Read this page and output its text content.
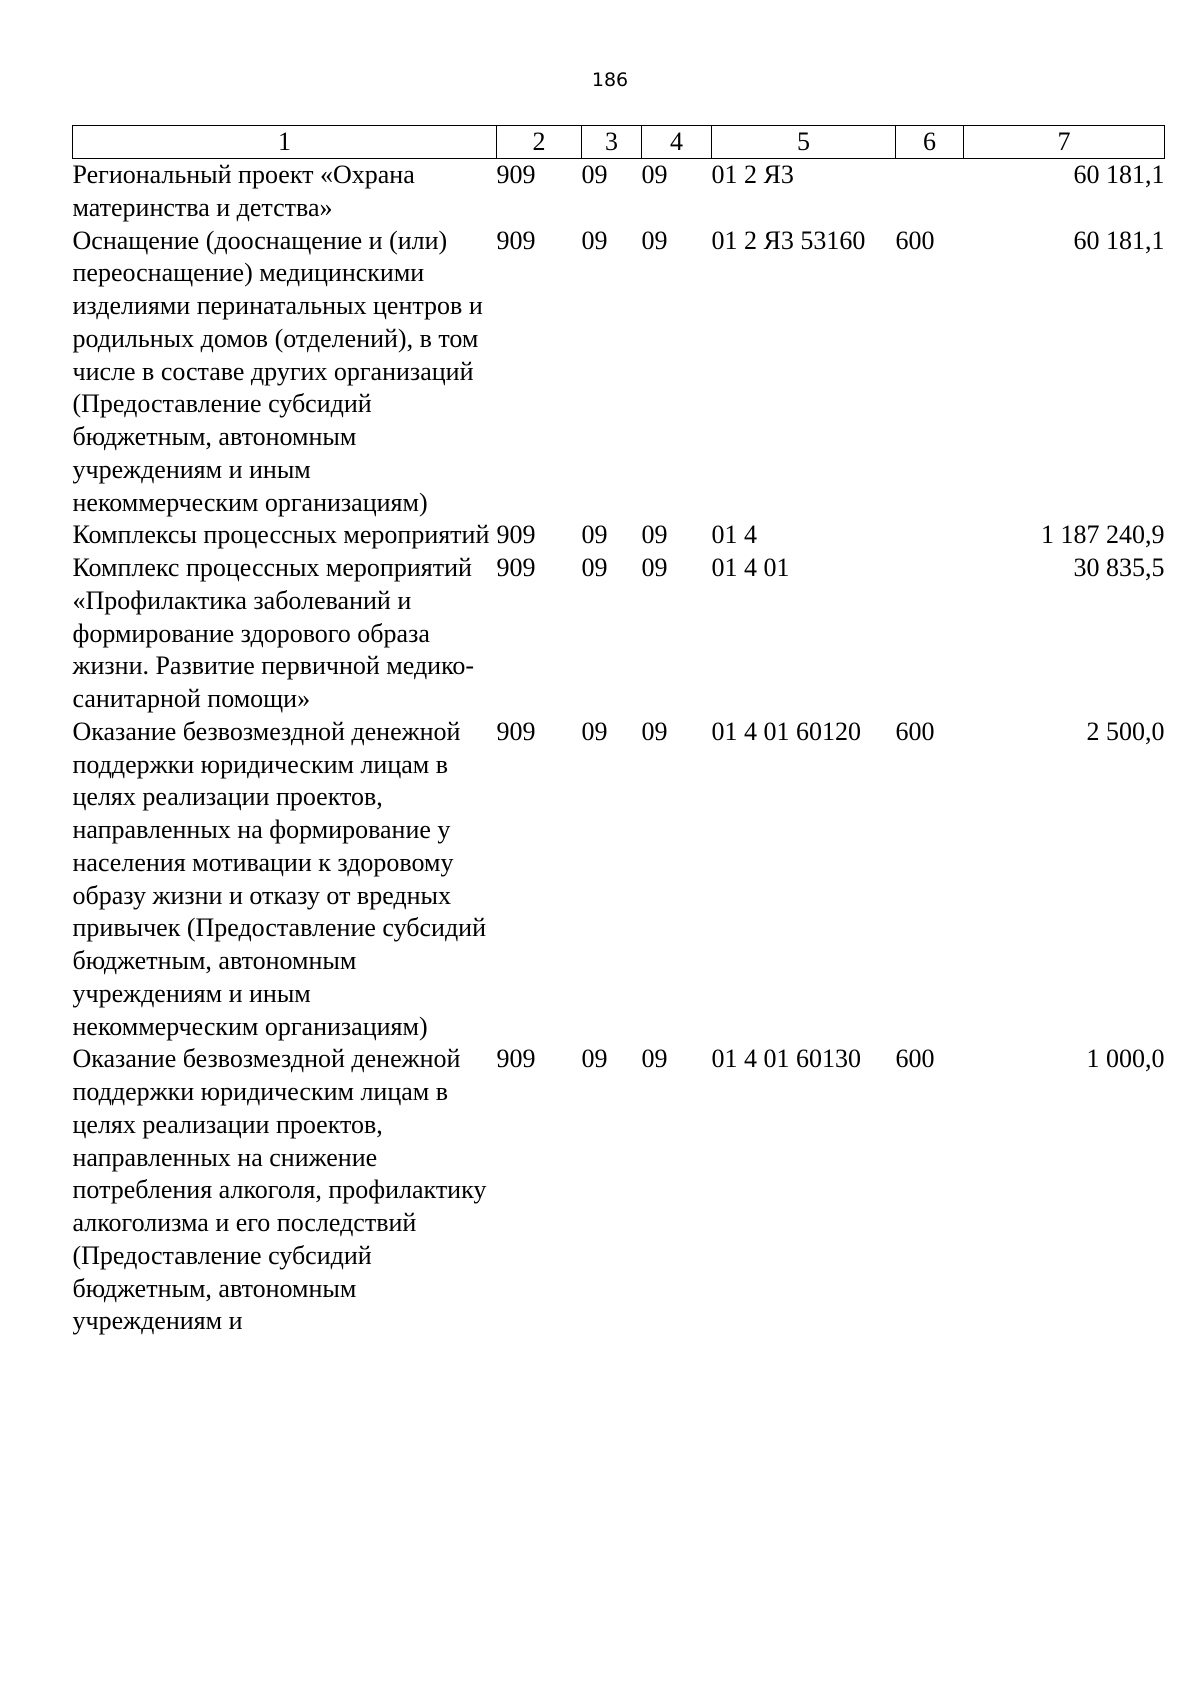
186
1	2	3	4	5	6	7
Региональный проект «Охрана материнства и детства»	909	09	09	01 2 Я3		60 181,1
Оснащение (дооснащение и (или) переоснащение) медицинскими изделиями перинатальных центров и родильных домов (отделений), в том числе в составе других организаций (Предоставление субсидий бюджетным, автономным учреждениям и иным некоммерческим организациям)	909	09	09	01 2 Я3 53160	600	60 181,1
Комплексы процессных мероприятий	909	09	09	01 4		1 187 240,9
Комплекс процессных мероприятий «Профилактика заболеваний и формирование здорового образа жизни. Развитие первичной медико-санитарной помощи»	909	09	09	01 4 01		30 835,5
Оказание безвозмездной денежной поддержки юридическим лицам в целях реализации проектов, направленных на формирование у населения мотивации к здоровому образу жизни и отказу от вредных привычек (Предоставление субсидий бюджетным, автономным учреждениям и иным некоммерческим организациям)	909	09	09	01 4 01 60120	600	2 500,0
Оказание безвозмездной денежной поддержки юридическим лицам в целях реализации проектов, направленных на снижение потребления алкоголя, профилактику алкоголизма и его последствий (Предоставление субсидий бюджетным, автономным учреждениям и	909	09	09	01 4 01 60130	600	1 000,0
